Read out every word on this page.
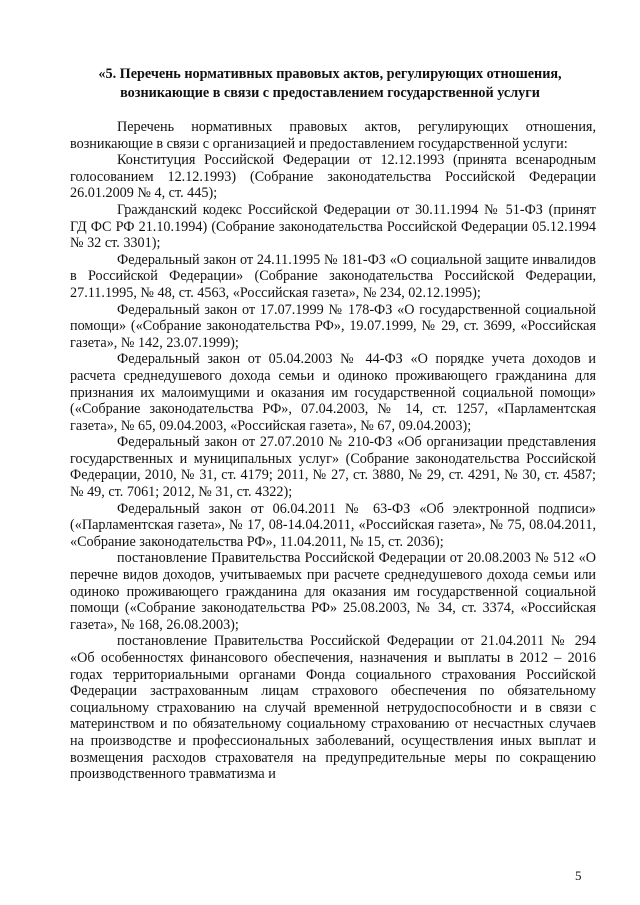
«5. Перечень нормативных правовых актов, регулирующих отношения, возникающие в связи с предоставлением государственной услуги

Перечень нормативных правовых актов, регулирующих отношения, возникающие в связи с организацией и предоставлением государственной услуги:

Конституция Российской Федерации от 12.12.1993 (принята всенародным голосованием 12.12.1993) (Собрание законодательства Российской Федерации 26.01.2009 № 4, ст. 445);

Гражданский кодекс Российской Федерации от 30.11.1994 № 51-ФЗ (принят ГД ФС РФ 21.10.1994) (Собрание законодательства Российской Федерации 05.12.1994 № 32 ст. 3301);

Федеральный закон от 24.11.1995 № 181-ФЗ «О социальной защите инвалидов в Российской Федерации» (Собрание законодательства Российской Федерации, 27.11.1995, № 48, ст. 4563, «Российская газета», № 234, 02.12.1995);

Федеральный закон от 17.07.1999 № 178-ФЗ «О государственной социальной помощи» («Собрание законодательства РФ», 19.07.1999, № 29, ст. 3699, «Российская газета», № 142, 23.07.1999);

Федеральный закон от 05.04.2003 № 44-ФЗ «О порядке учета доходов и расчета среднедушевого дохода семьи и одиноко проживающего гражданина для признания их малоимущими и оказания им государственной социальной помощи» («Собрание законодательства РФ», 07.04.2003, № 14, ст. 1257, «Парламентская газета», № 65, 09.04.2003, «Российская газета», № 67, 09.04.2003);

Федеральный закон от 27.07.2010 № 210-ФЗ «Об организации представления государственных и муниципальных услуг» (Собрание законодательства Российской Федерации, 2010, № 31, ст. 4179; 2011, № 27, ст. 3880, № 29, ст. 4291, № 30, ст. 4587; № 49, ст. 7061; 2012, № 31, ст. 4322);

Федеральный закон от 06.04.2011 № 63-ФЗ «Об электронной подписи» («Парламентская газета», № 17, 08-14.04.2011, «Российская газета», № 75, 08.04.2011, «Собрание законодательства РФ», 11.04.2011, № 15, ст. 2036);

постановление Правительства Российской Федерации от 20.08.2003 № 512 «О перечне видов доходов, учитываемых при расчете среднедушевого дохода семьи или одиноко проживающего гражданина для оказания им государственной социальной помощи («Собрание законодательства РФ» 25.08.2003, № 34, ст. 3374, «Российская газета», № 168, 26.08.2003);

постановление Правительства Российской Федерации от 21.04.2011 № 294 «Об особенностях финансового обеспечения, назначения и выплаты в 2012 – 2016 годах территориальными органами Фонда социального страхования Российской Федерации застрахованным лицам страхового обеспечения по обязательному социальному страхованию на случай временной нетрудоспособности и в связи с материнством и по обязательному социальному страхованию от несчастных случаев на производстве и профессиональных заболеваний, осуществления иных выплат и возмещения расходов страхователя на предупредительные меры по сокращению производственного травматизма и

5
